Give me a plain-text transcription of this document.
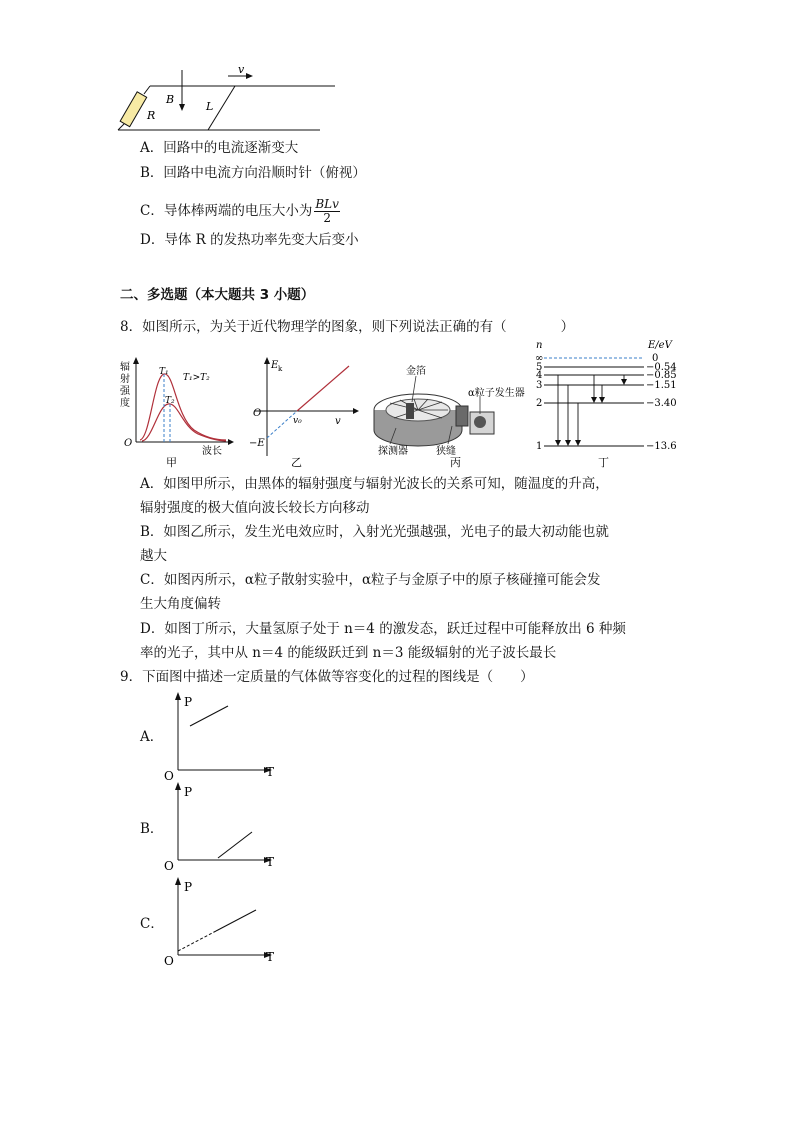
B
v
R
L
A．回路中的电流逐渐变大
B．回路中电流方向沿顺时针（俯视）
C．导体棒两端的电压大小为 $\frac{\text{BLv}}{2}$
D．导体 R 的发热功率先变大后变小
二、多选题（本大题共 3 小题）
8．如图所示，为关于近代物理学的图象，则下列说法正确的有（　　　　）
辐
射
强
度
O
波长
T₁
T₂
T₁>T₂
甲
E k
O
v
−E
v₀
乙
金箔
α粒子发生器
探测器	狭缝
丙
n	E/eV
∞
5
4
3
2
1
0
−0.54
−0.85
−1.51
−3.40
−13.6
丁
A．如图甲所示，由黑体的辐射强度与辐射光波长的关系可知，随温度的升高，
辐射强度的极大值向波长较长方向移动
B．如图乙所示，发生光电效应时，入射光光强越强，光电子的最大初动能也就
越大
C．如图丙所示，α粒子散射实验中，α粒子与金原子中的原子核碰撞可能会发
生大角度偏转
D．如图丁所示，大量氢原子处于 n＝4 的激发态，跃迁过程中可能释放出 6 种频
率的光子，其中从 n＝4 的能级跃迁到 n＝3 能级辐射的光子波长最长
9．下面图中描述一定质量的气体做等容变化的过程的图线是（　　）
A．
P
T
O
B．
P
T
O
C．
P
T
O
